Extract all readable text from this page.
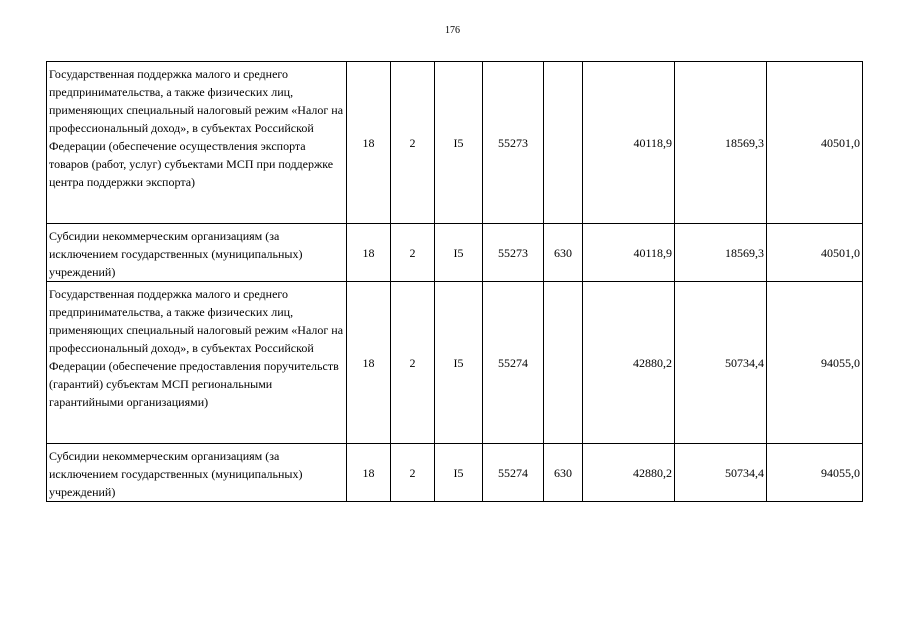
176
Государственная поддержка малого и среднего предпринимательства, а также физических лиц, применяющих специальный налоговый режим «Налог на профессиональный доход», в субъектах Российской Федерации (обеспечение осуществления экспорта товаров (работ, услуг) субъектами МСП при поддержке центра поддержки экспорта)	18	2	I5	55273		40118,9	18569,3	40501,0
Субсидии некоммерческим организациям (за исключением государственных (муниципальных) учреждений)	18	2	I5	55273	630	40118,9	18569,3	40501,0
Государственная поддержка малого и среднего предпринимательства, а также физических лиц, применяющих специальный налоговый режим «Налог на профессиональный доход», в субъектах Российской Федерации (обеспечение предоставления поручительств (гарантий) субъектам МСП региональными гарантийными организациями)	18	2	I5	55274		42880,2	50734,4	94055,0
Субсидии некоммерческим организациям (за исключением государственных (муниципальных) учреждений)	18	2	I5	55274	630	42880,2	50734,4	94055,0
